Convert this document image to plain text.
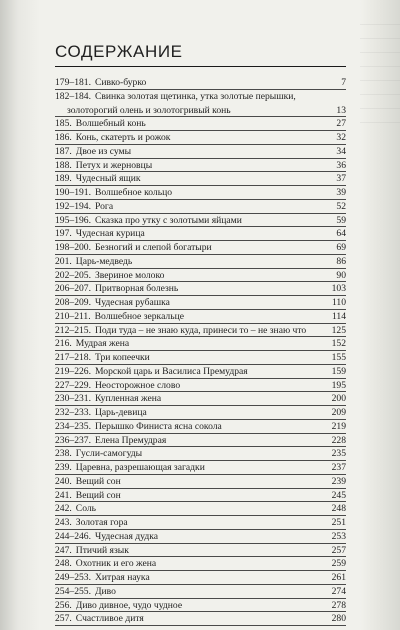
СОДЕРЖАНИЕ
179–181. Сивко-бурко	7
182–184. Свинка золотая щетинка, утка золотые перышки,
золоторогий олень и золотогривый конь	13
185. Волшебный конь	27
186. Конь, скатерть и рожок	32
187. Двое из сумы	34
188. Петух и жерновцы	36
189. Чудесный ящик	37
190–191. Волшебное кольцо	39
192–194. Рога	52
195–196. Сказка про утку с золотыми яйцами	59
197. Чудесная курица	64
198–200. Безногий и слепой богатыри	69
201. Царь-медведь	86
202–205. Звериное молоко	90
206–207. Притворная болезнь	103
208–209. Чудесная рубашка	110
210–211. Волшебное зеркальце	114
212–215. Поди туда – не знаю куда, принеси то – не знаю что	125
216. Мудрая жена	152
217–218. Три копеечки	155
219–226. Морской царь и Василиса Премудрая	159
227–229. Неосторожное слово	195
230–231. Купленная жена	200
232–233. Царь-девица	209
234–235. Перышко Финиста ясна сокола	219
236–237. Елена Премудрая	228
238. Гусли-самогуды	235
239. Царевна, разрешающая загадки	237
240. Вещий сон	239
241. Вещий сон	245
242. Соль	248
243. Золотая гора	251
244–246. Чудесная дудка	253
247. Птичий язык	257
248. Охотник и его жена	259
249–253. Хитрая наука	261
254–255. Диво	274
256. Диво дивное, чудо чудное	278
257. Счастливое дитя	280
